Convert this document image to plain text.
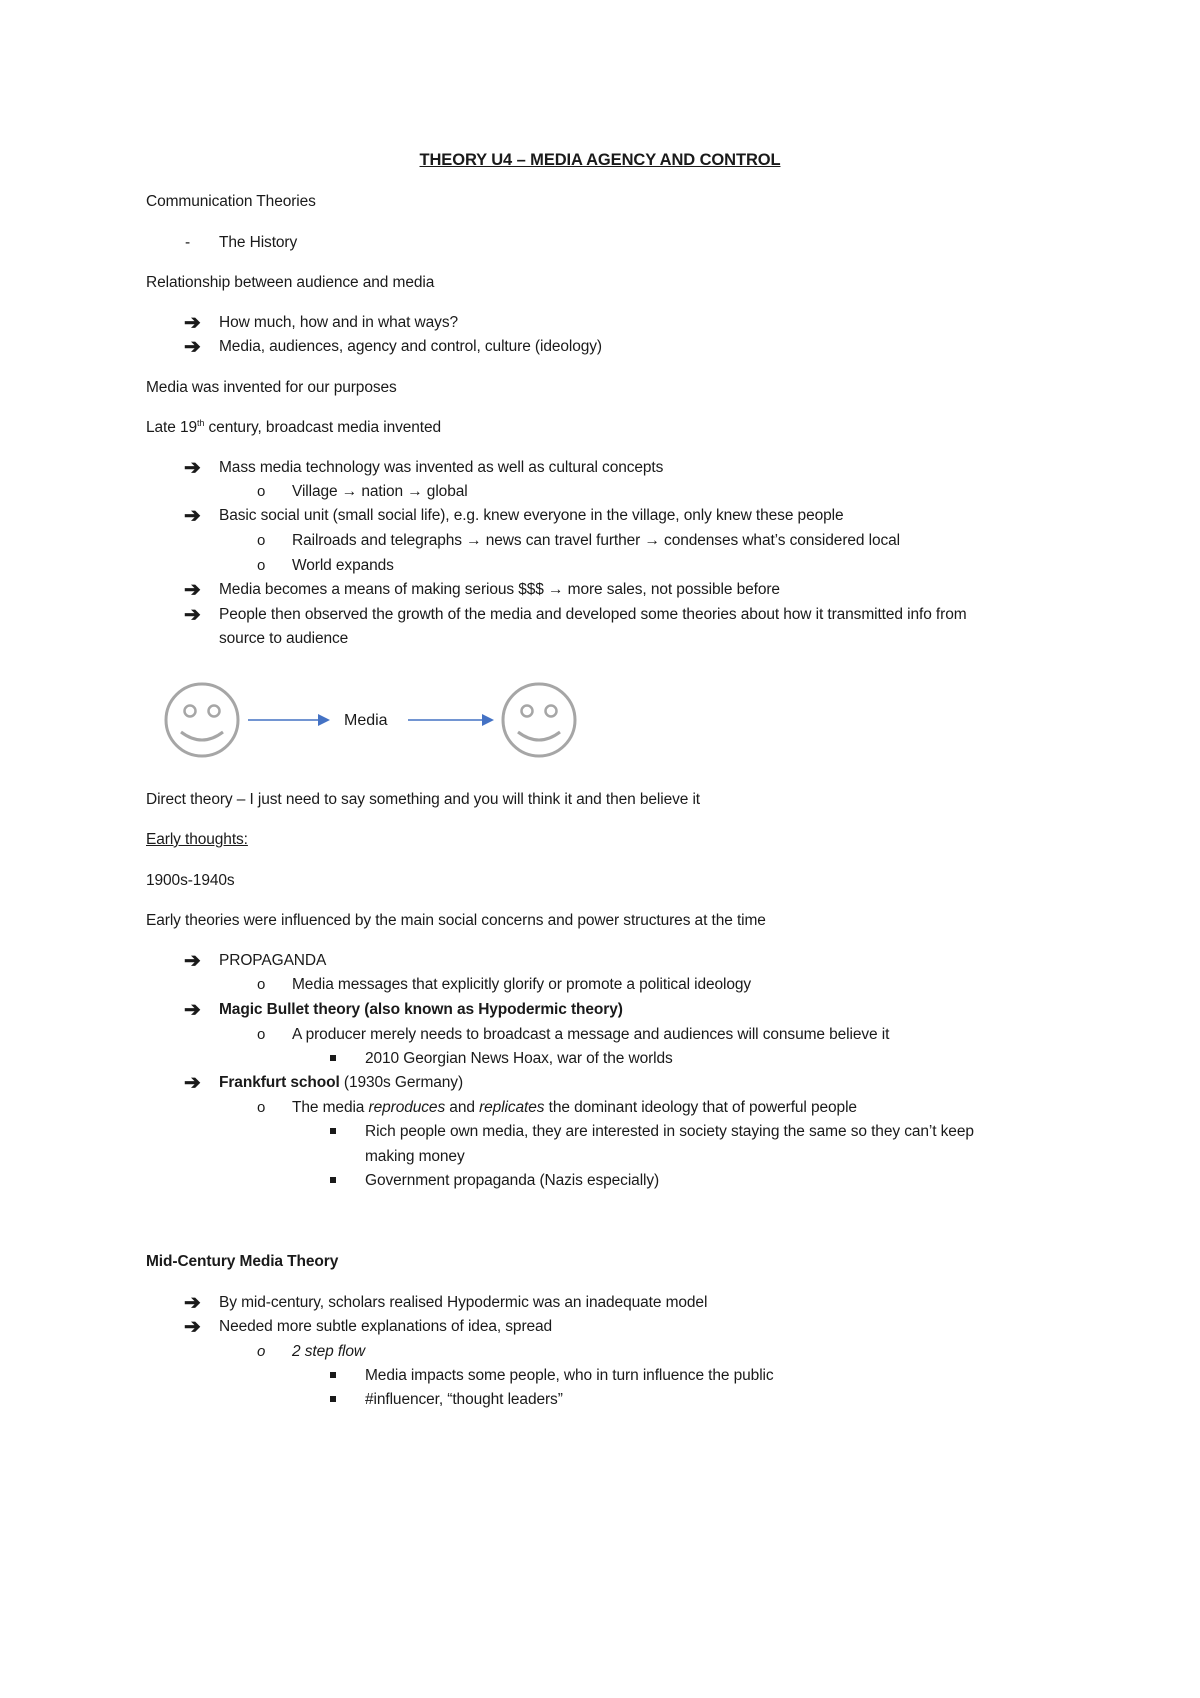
THEORY U4 – MEDIA AGENCY AND CONTROL
Communication Theories
- The History
Relationship between audience and media
➔ How much, how and in what ways?
➔ Media, audiences, agency and control, culture (ideology)
Media was invented for our purposes
Late 19th century, broadcast media invented
➔ Mass media technology was invented as well as cultural concepts
o Village → nation → global
➔ Basic social unit (small social life), e.g. knew everyone in the village, only knew these people
o Railroads and telegraphs → news can travel further → condenses what’s considered local
o World expands
➔ Media becomes a means of making serious $$$ → more sales, not possible before
➔ People then observed the growth of the media and developed some theories about how it transmitted info from
source to audience
Media
Direct theory – I just need to say something and you will think it and then believe it
Early thoughts:
1900s-1940s
Early theories were influenced by the main social concerns and power structures at the time
➔ PROPAGANDA
o Media messages that explicitly glorify or promote a political ideology
➔ Magic Bullet theory (also known as Hypodermic theory)
o A producer merely needs to broadcast a message and audiences will consume believe it
2010 Georgian News Hoax, war of the worlds
➔ Frankfurt school (1930s Germany)
o The media reproduces and replicates the dominant ideology that of powerful people
Rich people own media, they are interested in society staying the same so they can’t keep
making money
Government propaganda (Nazis especially)
Mid-Century Media Theory
➔ By mid-century, scholars realised Hypodermic was an inadequate model
➔ Needed more subtle explanations of idea, spread
o 2 step flow
Media impacts some people, who in turn influence the public
#influencer, “thought leaders”
